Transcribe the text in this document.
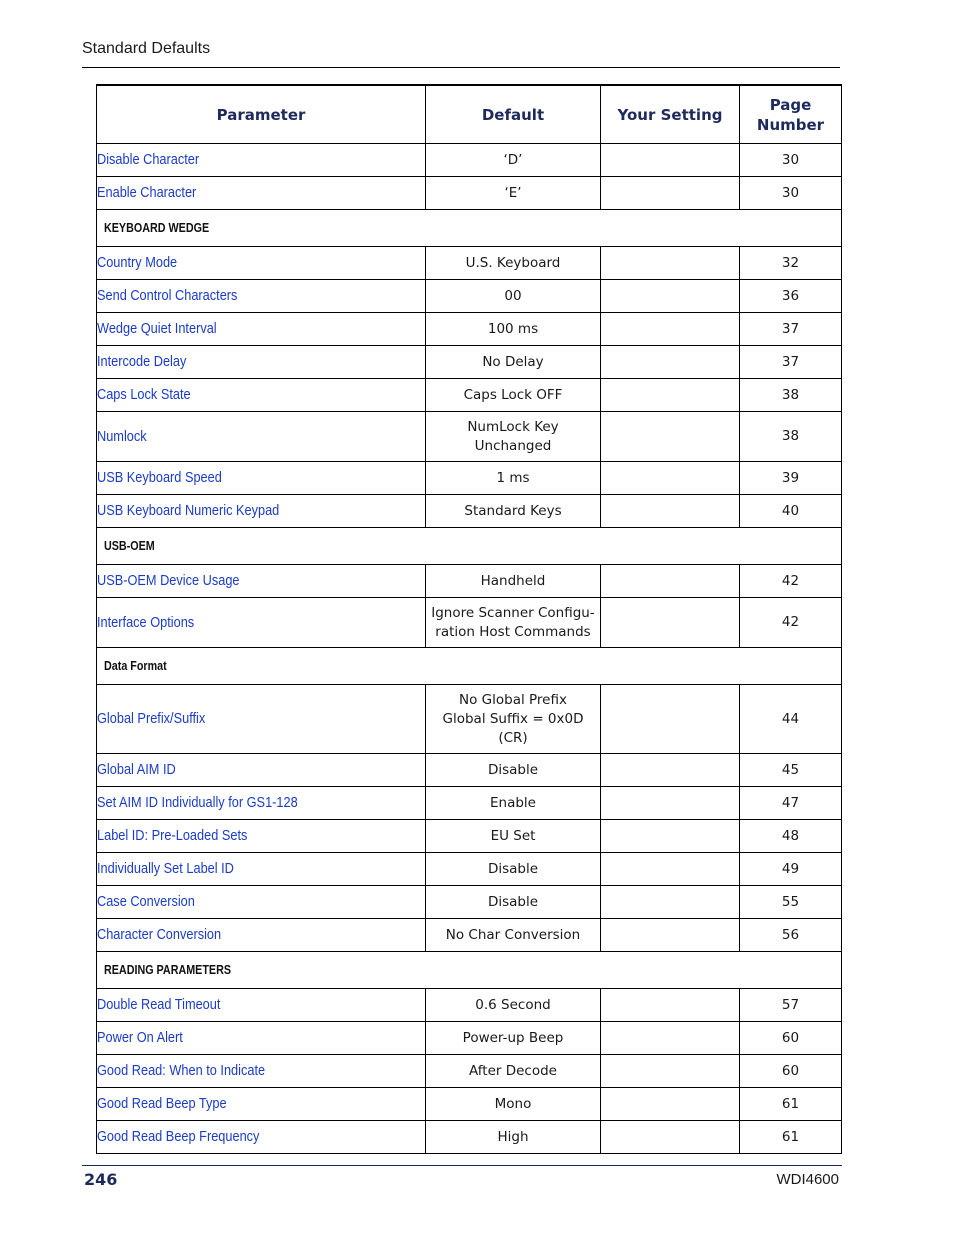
Standard Defaults
Parameter	Default	Your Setting	Page
Number
Disable Character	‘D’		30
Enable Character	‘E’		30
KEYBOARD WEDGE			
Country Mode	U.S. Keyboard		32
Send Control Characters	00		36
Wedge Quiet Interval	100 ms		37
Intercode Delay	No Delay		37
Caps Lock State	Caps Lock OFF		38
Numlock	NumLock Key
Unchanged		38
USB Keyboard Speed	1 ms		39
USB Keyboard Numeric Keypad	Standard Keys		40
USB-OEM			
USB-OEM Device Usage	Handheld		42
Interface Options	Ignore Scanner Configu-
ration Host Commands		42
Data Format			
Global Prefix/Suffix	No Global Prefix
Global Suffix = 0x0D
(CR)		44
Global AIM ID	Disable		45
Set AIM ID Individually for GS1-128	Enable		47
Label ID: Pre-Loaded Sets	EU Set		48
Individually Set Label ID	Disable		49
Case Conversion	Disable		55
Character Conversion	No Char Conversion		56
READING PARAMETERS			
Double Read Timeout	0.6 Second		57
Power On Alert	Power-up Beep		60
Good Read: When to Indicate	After Decode		60
Good Read Beep Type	Mono		61
Good Read Beep Frequency	High		61
246	WDI4600
